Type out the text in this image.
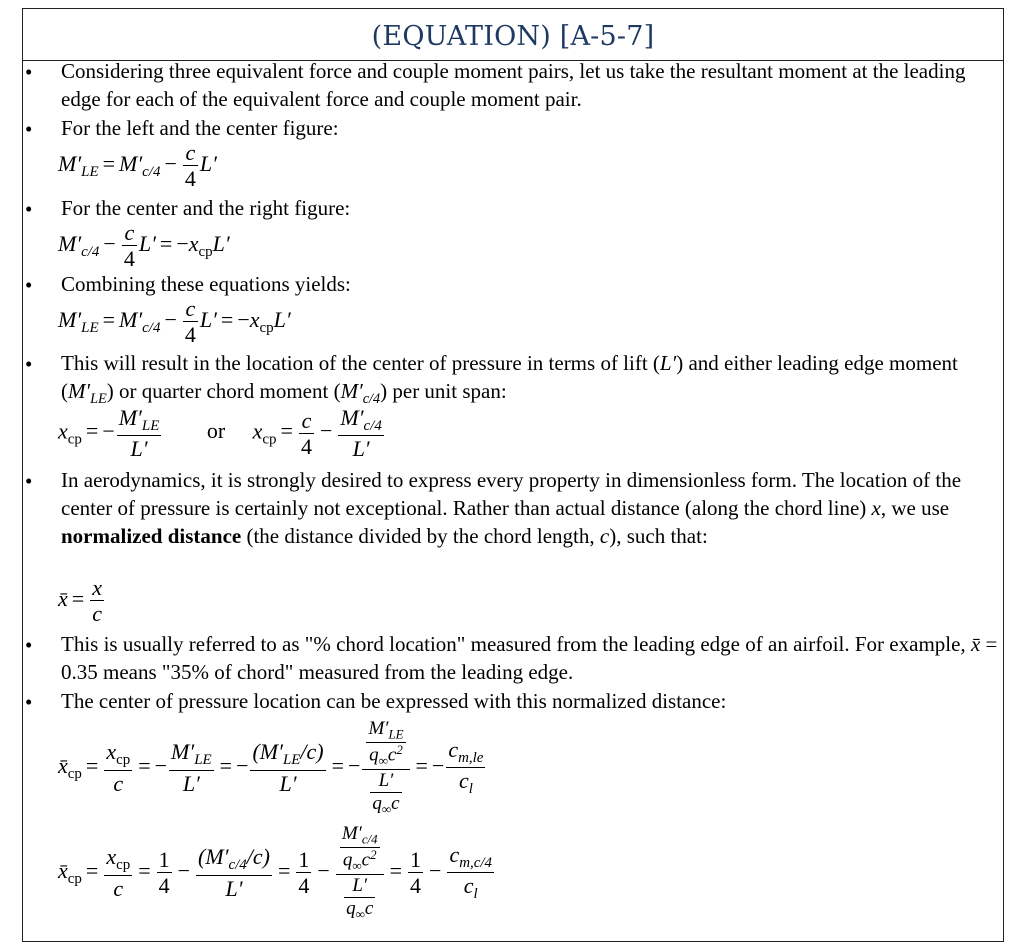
(EQUATION) [A-5-7]
• Considering three equivalent force and couple moment pairs, let us take the resultant moment at the leading edge for each of the equivalent force and couple moment pair.
• For the left and the center figure:
$M'_{LE} = M'_{c/4} - \frac{c}{4} L'$
• For the center and the right figure:
$M'_{c/4} - \frac{c}{4} L' = -x_{cp}L'$
• Combining these equations yields:
$M'_{LE} = M'_{c/4} - \frac{c}{4} L' = -x_{cp}L'$
• This will result in the location of the center of pressure in terms of lift (L′) and either leading edge moment $(M'_{LE})$ or quarter chord moment $(M'_{c/4})$ per unit span:
$x_{cp}$ = − $\frac{M'_{LE}}{L'}$ or $x_{cp} = \frac{c}{4} - \frac{M'_{c/4}}{L'}$
• In aerodynamics, it is strongly desired to express every property in dimensionless form. The location of the center of pressure is certainly not exceptional. Rather than actual distance (along the chord line) x, we use normalized distance (the distance divided by the chord length, c), such that:
x̄ = $\frac{x}{c}$
• This is usually referred to as "% chord location" measured from the leading edge of an airfoil. For example, x̄ = 0.35 means "35% of chord" measured from the leading edge.
• The center of pressure location can be expressed with this normalized distance:
$x̄_{cp} = \frac{x_{cp}}{c}$ = − $\frac{M'_{LE}}{L'}$ = − $\frac{(M'_{LE}/c)}{L'}$ = − $\frac{\frac{M'_{LE}}{q_\infty c^2}}{\frac{L'}{q_\infty c}}$ = − $\frac{c_{m,le}}{c_l}$
$x̄_{cp} = \frac{x_{cp}}{c} = \frac{1}{4} - \frac{(M'_{c/4}/c)}{L'} = \frac{1}{4} - \frac{\frac{M'_{c/4}}{q_\infty c^2}}{\frac{L'}{q_\infty c}} = \frac{1}{4} - \frac{c_{m,c/4}}{c_l}$
